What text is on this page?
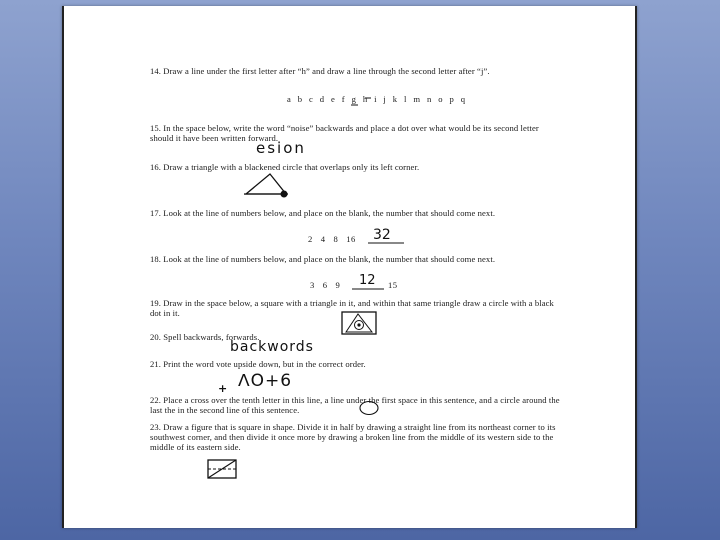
14. Draw a line under the first letter after “h” and draw a line through the second letter after “j”.
a b c d e f g h i j k l m n o p q
15. In the space below, write the word “noise” backwards and place a dot over what would be its second letter should it have been written forward.
esion
16. Draw a triangle with a blackened circle that overlaps only its left corner.
17. Look at the line of numbers below, and place on the blank, the number that should come next.
2   4   8   16 32
18. Look at the line of numbers below, and place on the blank, the number that should come next.
3   6   9 12 15
19. Draw in the space below, a square with a triangle in it, and within that same triangle draw a circle with a black dot in it.
20. Spell backwards, forwards.
backwords
21. Print the word vote upside down, but in the correct order.
ᐱO+6
22. Place a cross over the tenth letter in this line, a line under the first space in this sentence, and a circle around the last the in the second line of this sentence.
+
23. Draw a figure that is square in shape. Divide it in half by drawing a straight line from its northeast corner to its southwest corner, and then divide it once more by drawing a broken line from the middle of its western side to the middle of its eastern side.
